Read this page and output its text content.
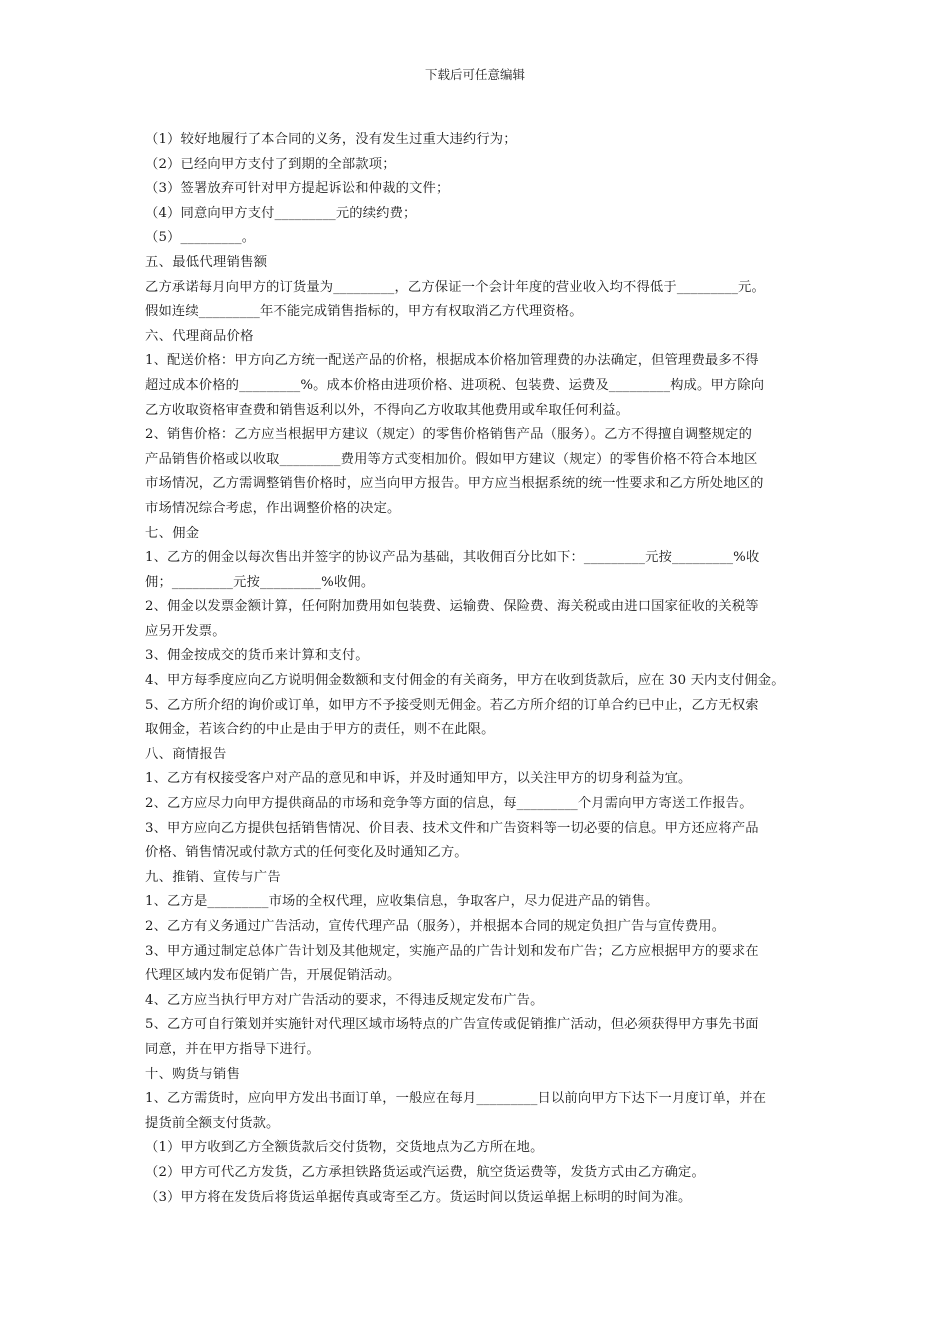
下载后可任意编辑
（1）较好地履行了本合同的义务，没有发生过重大违约行为；
（2）已经向甲方支付了到期的全部款项；
（3）签署放弃可针对甲方提起诉讼和仲裁的文件；
（4）同意向甲方支付_________元的续约费；
（5）_________。
五、最低代理销售额
乙方承诺每月向甲方的订货量为_________，乙方保证一个会计年度的营业收入均不得低于_________元。
假如连续_________年不能完成销售指标的，甲方有权取消乙方代理资格。
六、代理商品价格
1、配送价格：甲方向乙方统一配送产品的价格，根据成本价格加管理费的办法确定，但管理费最多不得
超过成本价格的_________%。成本价格由进项价格、进项税、包装费、运费及_________构成。甲方除向
乙方收取资格审查费和销售返利以外，不得向乙方收取其他费用或牟取任何利益。
2、销售价格：乙方应当根据甲方建议（规定）的零售价格销售产品（服务）。乙方不得擅自调整规定的
产品销售价格或以收取_________费用等方式变相加价。假如甲方建议（规定）的零售价格不符合本地区
市场情况，乙方需调整销售价格时，应当向甲方报告。甲方应当根据系统的统一性要求和乙方所处地区的
市场情况综合考虑，作出调整价格的决定。
七、佣金
1、乙方的佣金以每次售出并签字的协议产品为基础，其收佣百分比如下：_________元按_________%收
佣；_________元按_________%收佣。
2、佣金以发票金额计算，任何附加费用如包装费、运输费、保险费、海关税或由进口国家征收的关税等
应另开发票。
3、佣金按成交的货币来计算和支付。
4、甲方每季度应向乙方说明佣金数额和支付佣金的有关商务，甲方在收到货款后，应在 30 天内支付佣金。
5、乙方所介绍的询价或订单，如甲方不予接受则无佣金。若乙方所介绍的订单合约已中止，乙方无权索
取佣金，若该合约的中止是由于甲方的责任，则不在此限。
八、商情报告
1、乙方有权接受客户对产品的意见和申诉，并及时通知甲方，以关注甲方的切身利益为宜。
2、乙方应尽力向甲方提供商品的市场和竞争等方面的信息，每_________个月需向甲方寄送工作报告。
3、甲方应向乙方提供包括销售情况、价目表、技术文件和广告资料等一切必要的信息。甲方还应将产品
价格、销售情况或付款方式的任何变化及时通知乙方。
九、推销、宣传与广告
1、乙方是_________市场的全权代理，应收集信息，争取客户，尽力促进产品的销售。
2、乙方有义务通过广告活动，宣传代理产品（服务），并根据本合同的规定负担广告与宣传费用。
3、甲方通过制定总体广告计划及其他规定，实施产品的广告计划和发布广告；乙方应根据甲方的要求在
代理区域内发布促销广告，开展促销活动。
4、乙方应当执行甲方对广告活动的要求，不得违反规定发布广告。
5、乙方可自行策划并实施针对代理区域市场特点的广告宣传或促销推广活动，但必须获得甲方事先书面
同意，并在甲方指导下进行。
十、购货与销售
1、乙方需货时，应向甲方发出书面订单，一般应在每月_________日以前向甲方下达下一月度订单，并在
提货前全额支付货款。
（1）甲方收到乙方全额货款后交付货物，交货地点为乙方所在地。
（2）甲方可代乙方发货，乙方承担铁路货运或汽运费，航空货运费等，发货方式由乙方确定。
（3）甲方将在发货后将货运单据传真或寄至乙方。货运时间以货运单据上标明的时间为准。
